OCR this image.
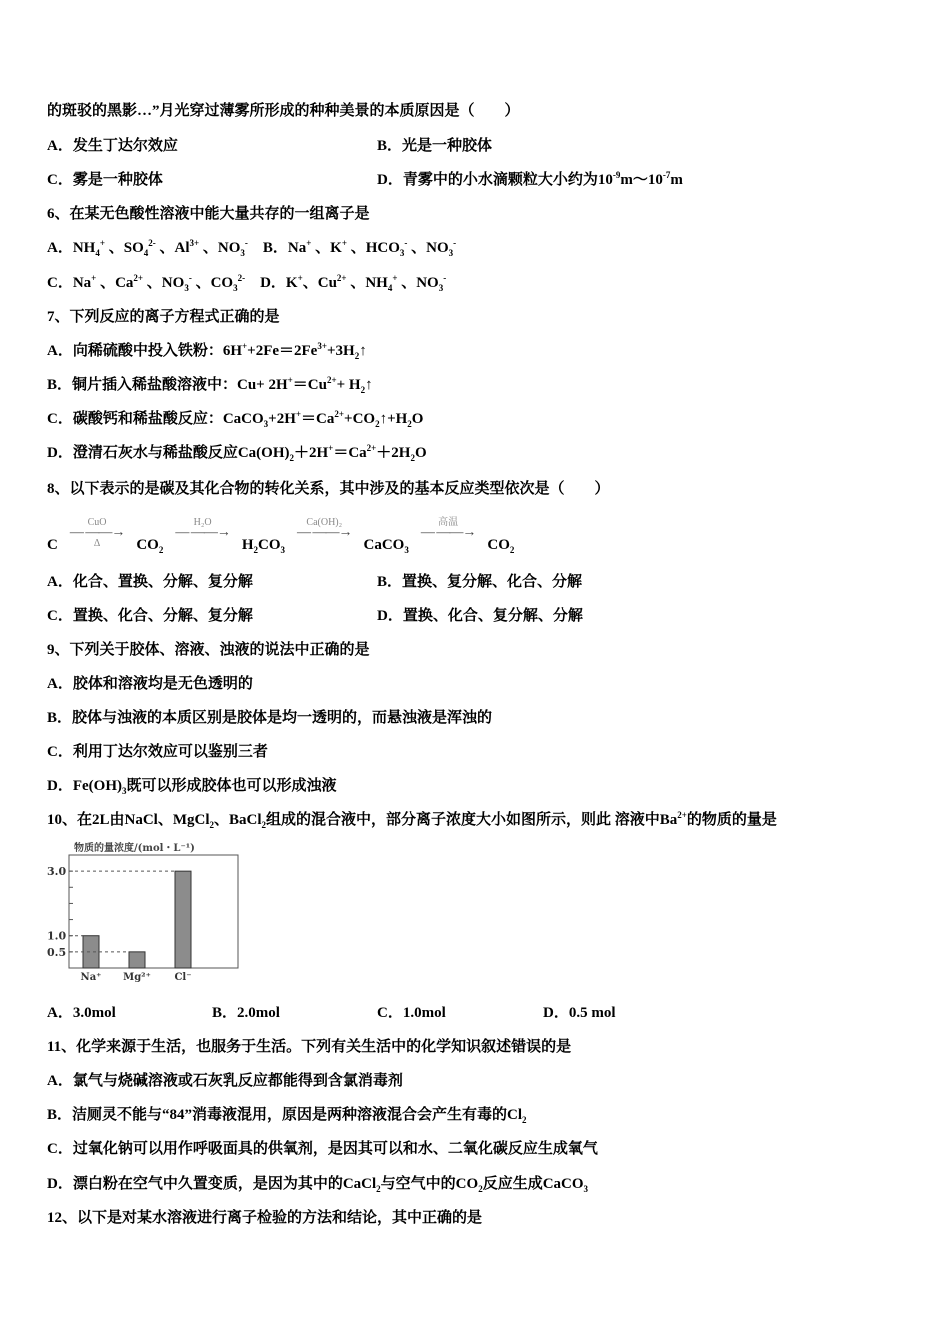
的斑驳的黑影…”月光穿过薄雾所形成的种种美景的本质原因是（　　）
A．发生丁达尔效应	B．光是一种胶体
C．雾是一种胶体	D．青雾中的小水滴颗粒大小约为$10^{-9}m\sim 10^{-7}m$
6、在某无色酸性溶液中能大量共存的一组离子是
A．$NH_4^+$ 、$SO_4^{2-}$ 、$Al^{3+}$ 、$NO_3^-$　B．Na+ 、K+ 、$HCO_3^-$ 、$NO_3^-$
C．Na+ 、$Ca^{2+}$ 、$NO_3^-$ 、$CO_3^{2-}$　D．K+、$Cu^{2+}$ 、$NH_4^+$ 、$NO_3^-$
7、下列反应的离子方程式正确的是
A．向稀硫酸中投入铁粉：$6H^++2Fe=2Fe^{3+}+3H_2↑$
B．铜片插入稀盐酸溶液中：$Cu+ 2H^+=Cu^{2+}+$ $H_2↑$
C．碳酸钙和稀盐酸反应：$CaCO_3+2H^+=Ca^{2+}+CO_2↑+H_2O$
D．澄清石灰水与稀盐酸反应$Ca(OH)_2+2H^+=Ca^{2+}+2H_2O$
8、以下表示的是碳及其化合物的转化关系，其中涉及的基本反应类型依次是（　　）
A．化合、置换、分解、复分解	B．置换、复分解、化合、分解
C．置换、化合、分解、复分解	D．置换、化合、复分解、分解
9、下列关于胶体、溶液、浊液的说法中正确的是
A．胶体和溶液均是无色透明的
B．胶体与浊液的本质区别是胶体是均一透明的，而悬浊液是浑浊的
C．利用丁达尔效应可以鉴别三者
D．$Fe(OH)_3$既可以形成胶体也可以形成浊液
10、在2L由NaCl、MgCl$_2$、BaCl$_2$组成的混合液中，部分离子浓度大小如图所示，则此 溶液中$Ba^{2+}$的物质的量是
A．3.0mol	B．2.0mol	C．1.0mol	D．0.5 mol
11、化学来源于生活，也服务于生活。下列有关生活中的化学知识叙述错误的是
A．氯气与烧碱溶液或石灰乳反应都能得到含氯消毒剂
B．洁厕灵不能与“84”消毒液混用，原因是两种溶液混合会产生有毒的$Cl_2$
C．过氧化钠可以用作呼吸面具的供氧剂，是因其可以和水、二氧化碳反应生成氧气
D．漂白粉在空气中久置变质，是因为其中的CaCl$_2$与空气中的$CO_2$反应生成CaCO$_3$
12、以下是对某水溶液进行离子检验的方法和结论，其中正确的是
C
CuO
— ——→
Δ $CO_2$
H₂O
— ——→
$H_2CO_3$
Ca(OH)₂
— ——→
CaCO$_3$
高温
— ——→
$CO_2$
物质的量浓度/(mol・L⁻¹)
0.5
1.0
3.0
Na⁺ Mg²⁺ Cl⁻
